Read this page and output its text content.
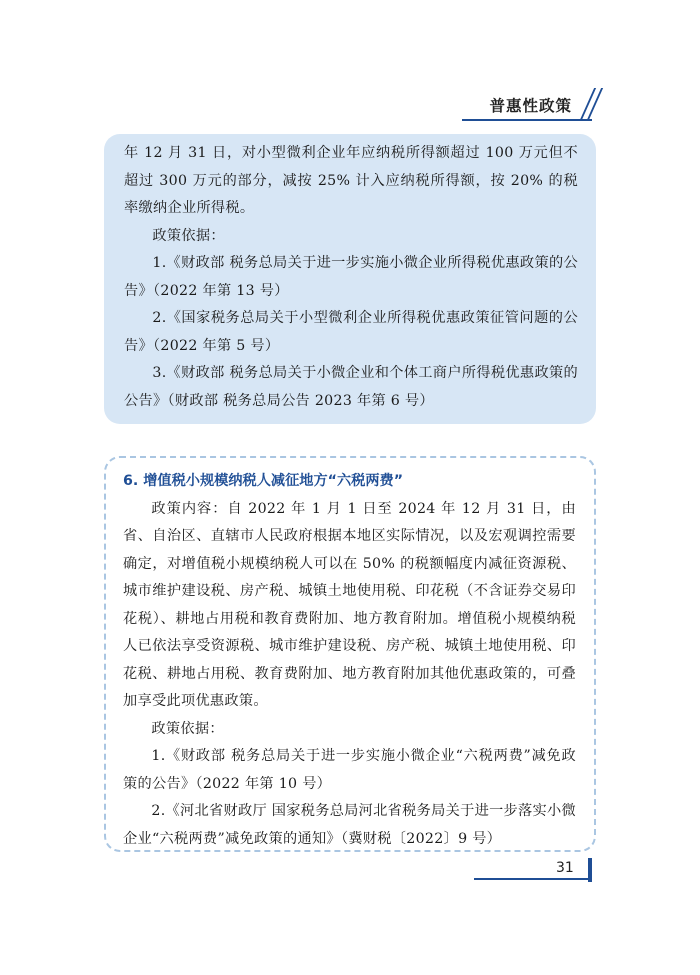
普惠性政策

年 12 月 31 日，对小型微利企业年应纳税所得额超过 100 万元但不超过 300 万元的部分，减按 25% 计入应纳税所得额，按 20% 的税率缴纳企业所得税。

政策依据：

1.《财政部 税务总局关于进一步实施小微企业所得税优惠政策的公告》（2022 年第 13 号）

2.《国家税务总局关于小型微利企业所得税优惠政策征管问题的公告》（2022 年第 5 号）

3.《财政部 税务总局关于小微企业和个体工商户所得税优惠政策的公告》（财政部 税务总局公告 2023 年第 6 号）

6. 增值税小规模纳税人减征地方“六税两费”

政策内容：自 2022 年 1 月 1 日至 2024 年 12 月 31 日，由省、自治区、直辖市人民政府根据本地区实际情况，以及宏观调控需要确定，对增值税小规模纳税人可以在 50% 的税额幅度内减征资源税、城市维护建设税、房产税、城镇土地使用税、印花税（不含证券交易印花税）、耕地占用税和教育费附加、地方教育附加。增值税小规模纳税人已依法享受资源税、城市维护建设税、房产税、城镇土地使用税、印花税、耕地占用税、教育费附加、地方教育附加其他优惠政策的，可叠加享受此项优惠政策。

政策依据：

1.《财政部 税务总局关于进一步实施小微企业“六税两费”减免政策的公告》（2022 年第 10 号）

2.《河北省财政厅 国家税务总局河北省税务局关于进一步落实小微企业“六税两费”减免政策的通知》（冀财税〔2022〕9 号）

31
